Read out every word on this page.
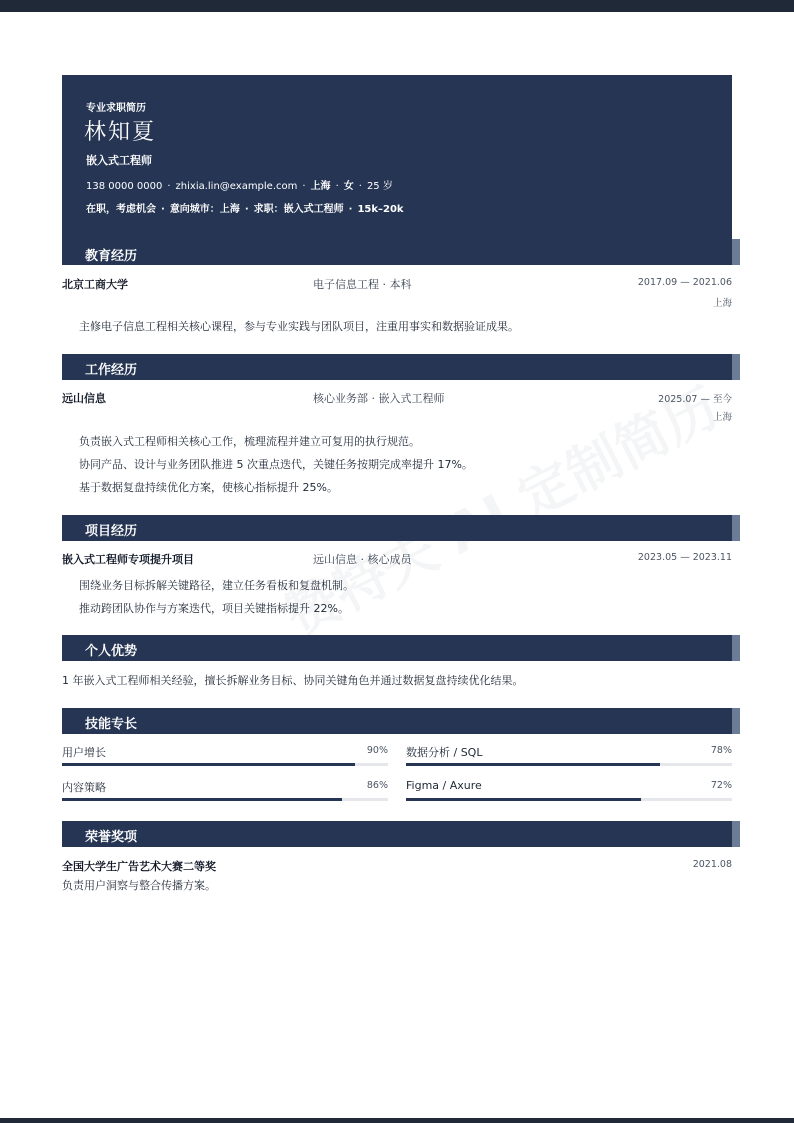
专业求职简历
林知夏
嵌入式工程师
138 0000 0000 · zhixia.lin@example.com · 上海 · 女 · 25 岁
在职，考虑机会 · 意向城市：上海 · 求职：嵌入式工程师 · 15k–20k
教育经历
北京工商大学	电子信息工程 · 本科	2017.09 — 2021.06
上海
主修电子信息工程相关核心课程，参与专业实践与团队项目，注重用事实和数据验证成果。
工作经历
远山信息	核心业务部 · 嵌入式工程师	2025.07 — 至今
上海
负责嵌入式工程师相关核心工作，梳理流程并建立可复用的执行规范。
协同产品、设计与业务团队推进 5 次重点迭代，关键任务按期完成率提升 17%。
基于数据复盘持续优化方案，使核心指标提升 25%。
项目经历
嵌入式工程师专项提升项目	远山信息 · 核心成员	2023.05 — 2023.11
围绕业务目标拆解关键路径，建立任务看板和复盘机制。
推动跨团队协作与方案迭代，项目关键指标提升 22%。
个人优势
1 年嵌入式工程师相关经验，擅长拆解业务目标、协同关键角色并通过数据复盘持续优化结果。
技能专长
用户增长	90% 数据分析 / SQL	78%
内容策略	86% Figma / Axure	72%
荣誉奖项
全国大学生广告艺术大赛二等奖	2021.08
负责用户洞察与整合传播方案。
